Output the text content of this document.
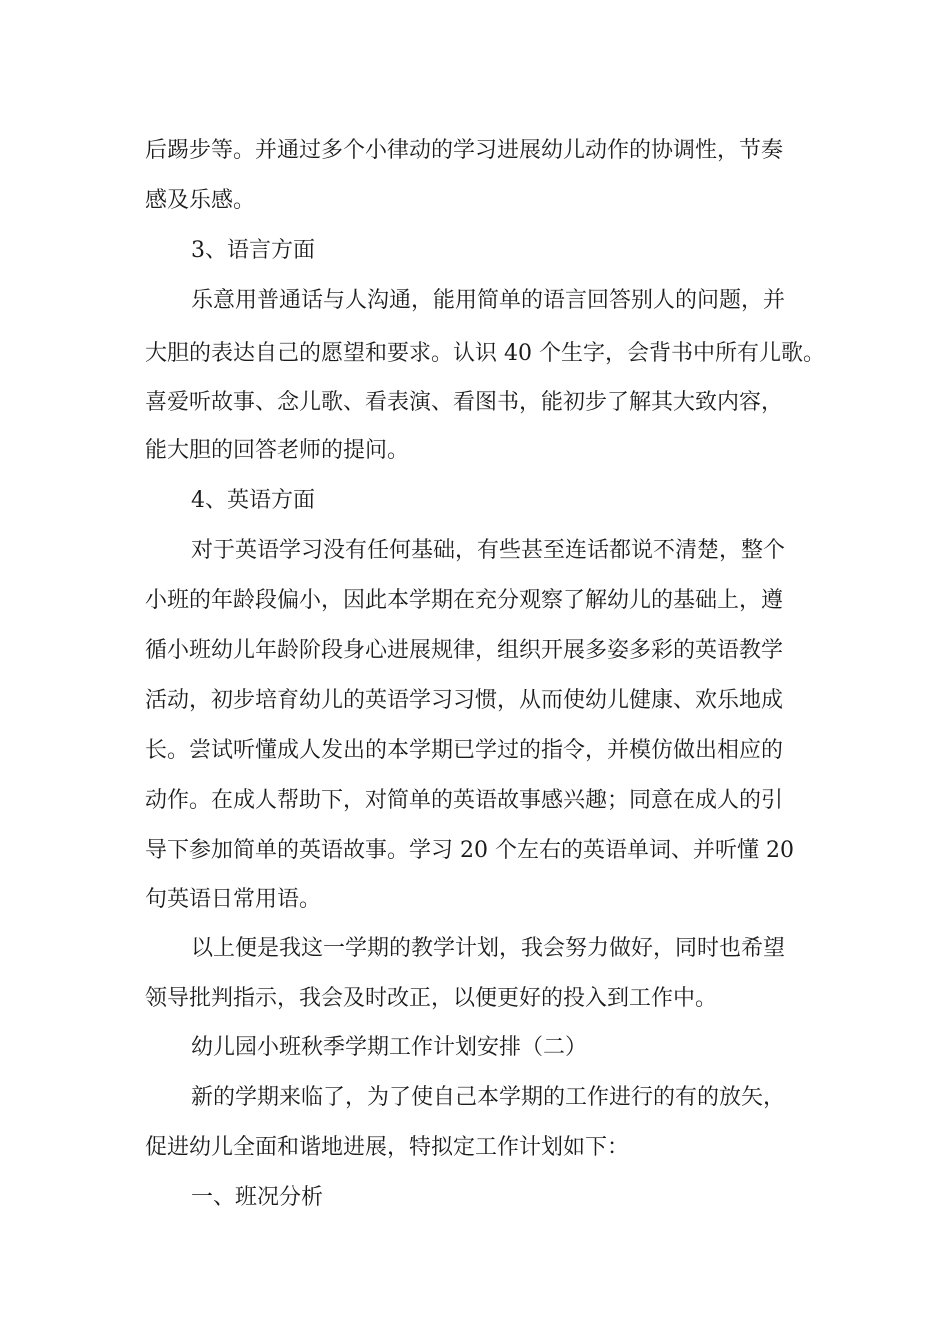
后踢步等。并通过多个小律动的学习进展幼儿动作的协调性，节奏

感及乐感。

3、语言方面

乐意用普通话与人沟通，能用简单的语言回答别人的问题，并

大胆的表达自己的愿望和要求。认识 40 个生字，会背书中所有儿歌。

喜爱听故事、念儿歌、看表演、看图书，能初步了解其大致内容，

能大胆的回答老师的提问。

4、英语方面

对于英语学习没有任何基础，有些甚至连话都说不清楚，整个

小班的年龄段偏小，因此本学期在充分观察了解幼儿的基础上，遵

循小班幼儿年龄阶段身心进展规律，组织开展多姿多彩的英语教学

活动，初步培育幼儿的英语学习习惯，从而使幼儿健康、欢乐地成

长。尝试听懂成人发出的本学期已学过的指令，并模仿做出相应的

动作。在成人帮助下，对简单的英语故事感兴趣；同意在成人的引

导下参加简单的英语故事。学习 20 个左右的英语单词、并听懂 20

句英语日常用语。

以上便是我这一学期的教学计划，我会努力做好，同时也希望

领导批判指示，我会及时改正，以便更好的投入到工作中。

幼儿园小班秋季学期工作计划安排（二）

新的学期来临了，为了使自己本学期的工作进行的有的放矢，

促进幼儿全面和谐地进展，特拟定工作计划如下：

一、班况分析
